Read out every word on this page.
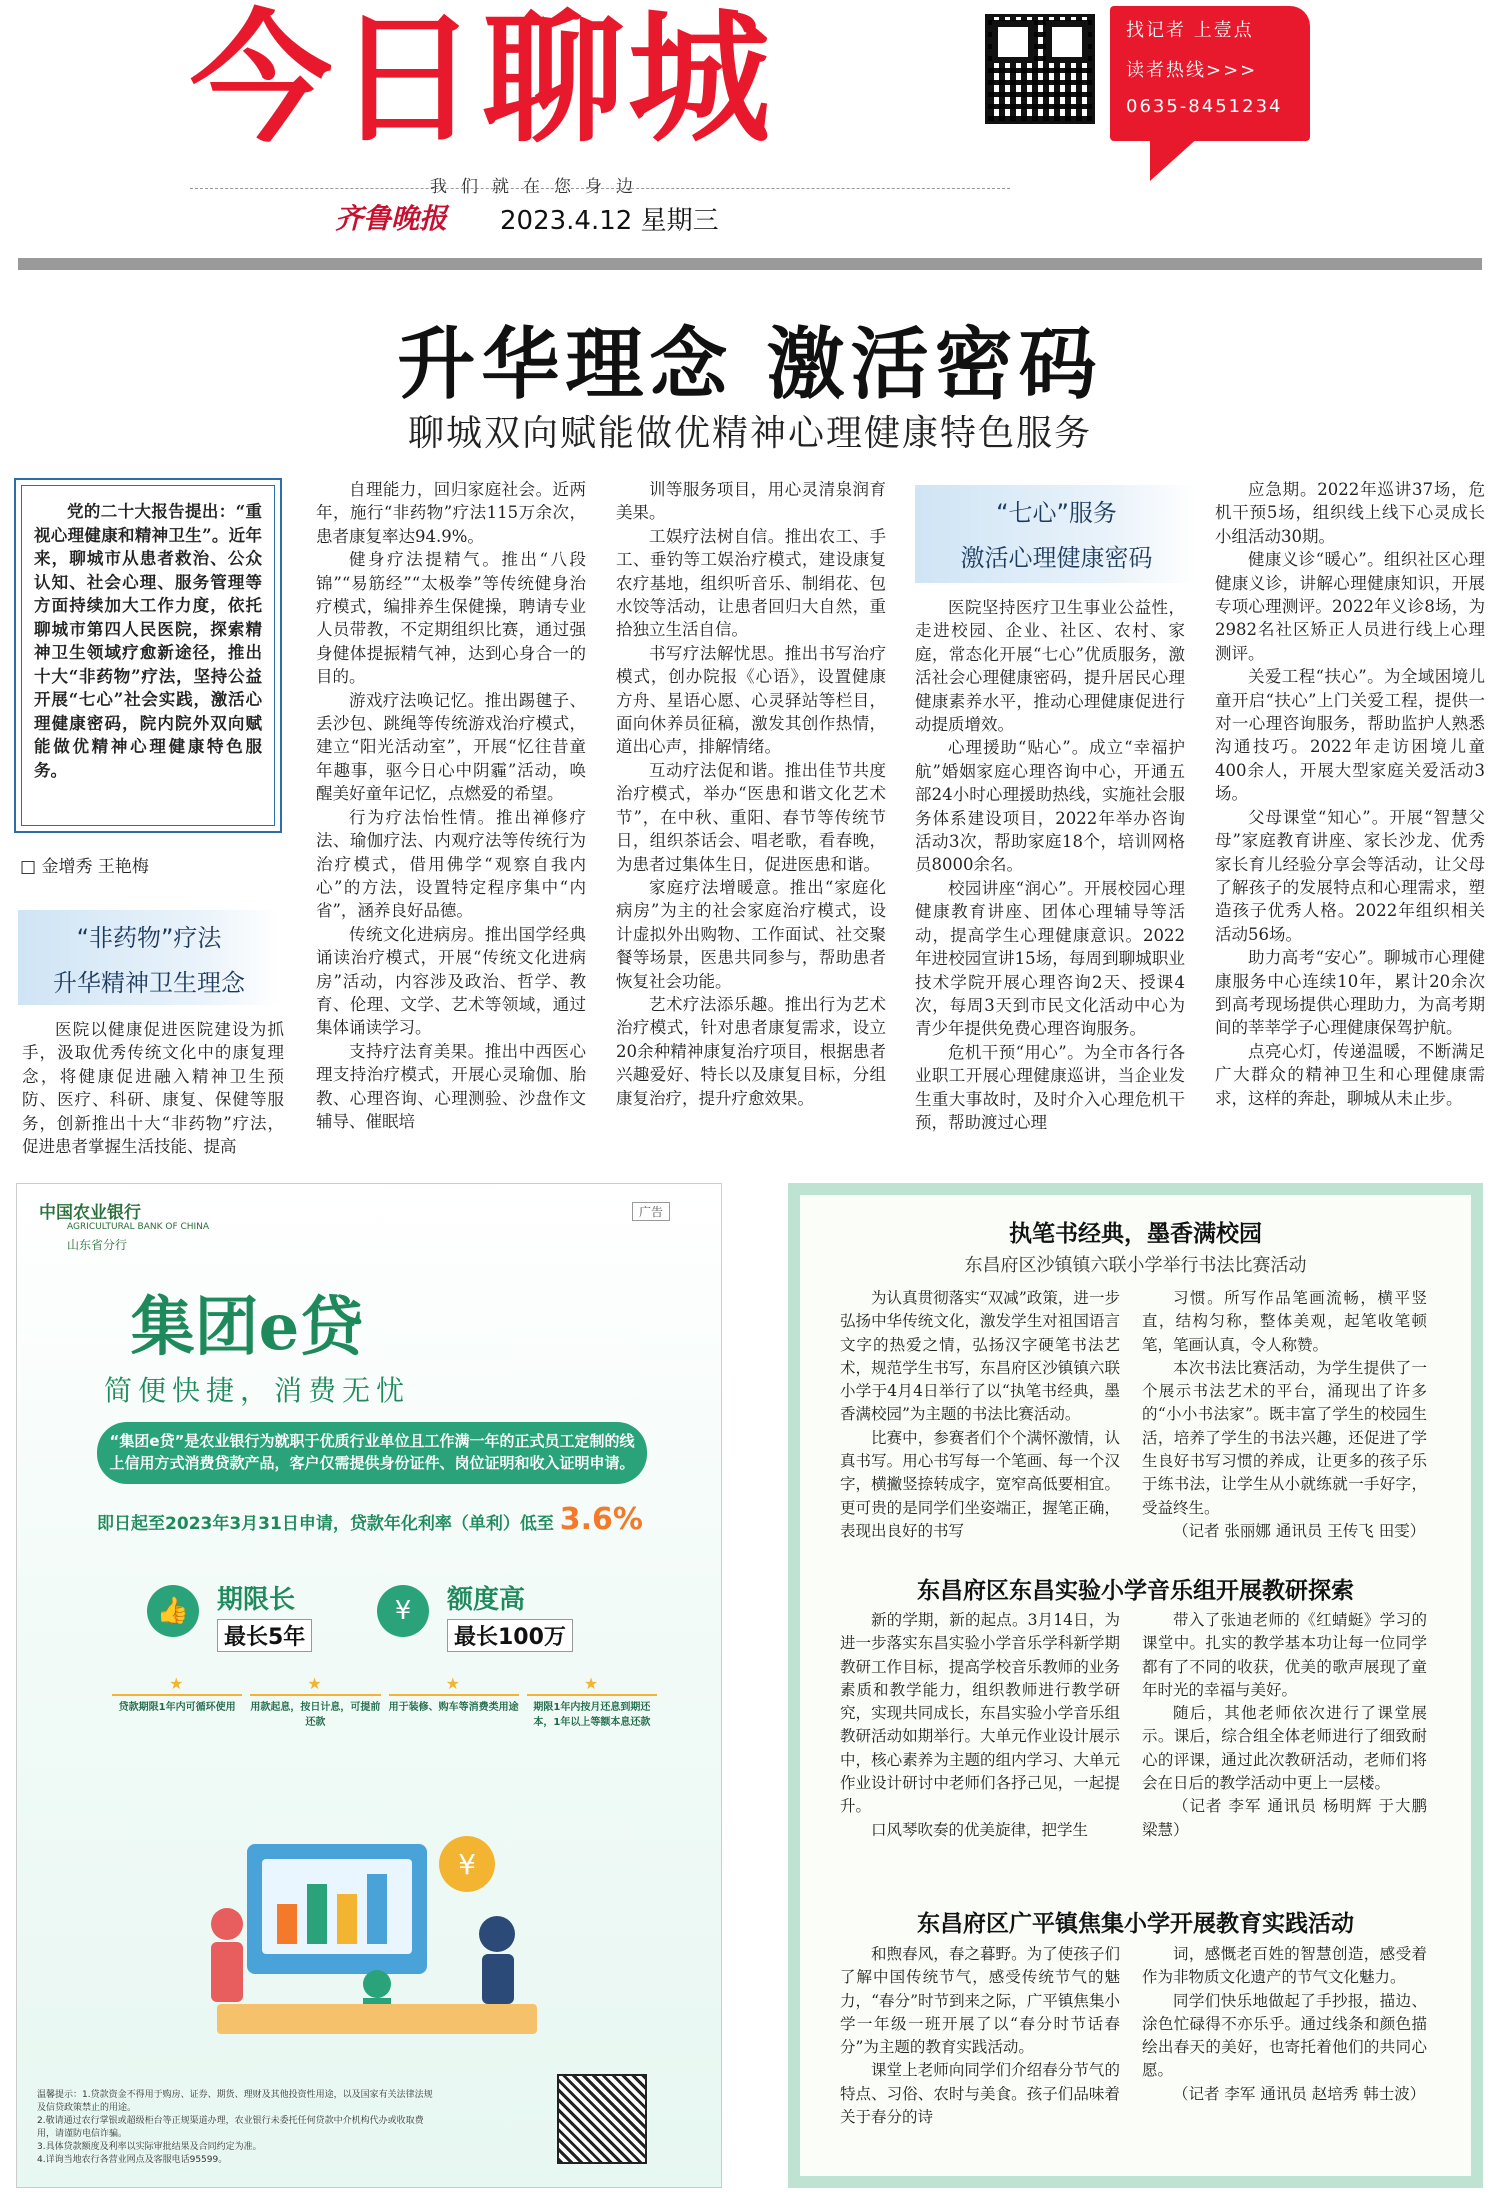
今日聊城	找记者 上壹点
读者热线>>>
0635-8451234
我们就在您身边
齐鲁晚报 2023.4.12 星期三
升华理念 激活密码
聊城双向赋能做优精神心理健康特色服务

党的二十大报告提出：“重视心理健康和精神卫生”。近年来，聊城市从患者救治、公众认知、社会心理、服务管理等方面持续加大工作力度，依托聊城市第四人民医院，探索精神卫生领域疗愈新途径，推出十大“非药物”疗法，坚持公益开展“七心”社会实践，激活心理健康密码，院内院外双向赋能做优精神心理健康特色服务。

□ 金增秀 王艳梅
“非药物”疗法
升华精神卫生理念

医院以健康促进医院建设为抓手，汲取优秀传统文化中的康复理念，将健康促进融入精神卫生预防、医疗、科研、康复、保健等服务，创新推出十大“非药物”疗法，促进患者掌握生活技能、提高

自理能力，回归家庭社会。近两年，施行“非药物”疗法115万余次，患者康复率达94.9%。

健身疗法提精气。推出“八段锦”“易筋经”“太极拳”等传统健身治疗模式，编排养生保健操，聘请专业人员带教，不定期组织比赛，通过强身健体提振精气神，达到心身合一的目的。

游戏疗法唤记忆。推出踢毽子、丢沙包、跳绳等传统游戏治疗模式，建立“阳光活动室”，开展“忆往昔童年趣事，驱今日心中阴霾”活动，唤醒美好童年记忆，点燃爱的希望。

行为疗法怡性情。推出禅修疗法、瑜伽疗法、内观疗法等传统行为治疗模式，借用佛学“观察自我内心”的方法，设置特定程序集中“内省”，涵养良好品德。

传统文化进病房。推出国学经典诵读治疗模式，开展“传统文化进病房”活动，内容涉及政治、哲学、教育、伦理、文学、艺术等领域，通过集体诵读学习。

支持疗法育美果。推出中西医心理支持治疗模式，开展心灵瑜伽、胎教、心理咨询、心理测验、沙盘作文辅导、催眠培

训等服务项目，用心灵清泉润育美果。

工娱疗法树自信。推出农工、手工、垂钓等工娱治疗模式，建设康复农疗基地，组织听音乐、制绢花、包水饺等活动，让患者回归大自然，重拾独立生活自信。

书写疗法解忧思。推出书写治疗模式，创办院报《心语》，设置健康方舟、星语心愿、心灵驿站等栏目，面向休养员征稿，激发其创作热情，道出心声，排解情绪。

互动疗法促和谐。推出佳节共度治疗模式，举办“医患和谐文化艺术节”，在中秋、重阳、春节等传统节日，组织茶话会、唱老歌，看春晚，为患者过集体生日，促进医患和谐。

家庭疗法增暖意。推出“家庭化病房”为主的社会家庭治疗模式，设计虚拟外出购物、工作面试、社交聚餐等场景，医患共同参与，帮助患者恢复社会功能。

艺术疗法添乐趣。推出行为艺术治疗模式，针对患者康复需求，设立20余种精神康复治疗项目，根据患者兴趣爱好、特长以及康复目标，分组康复治疗，提升疗愈效果。

“七心”服务
激活心理健康密码

医院坚持医疗卫生事业公益性，走进校园、企业、社区、农村、家庭，常态化开展“七心”优质服务，激活社会心理健康密码，提升居民心理健康素养水平，推动心理健康促进行动提质增效。

心理援助“贴心”。成立“幸福护航”婚姻家庭心理咨询中心，开通五部24小时心理援助热线，实施社会服务体系建设项目，2022年举办咨询活动3次，帮助家庭18个，培训网格员8000余名。

校园讲座“润心”。开展校园心理健康教育讲座、团体心理辅导等活动，提高学生心理健康意识。2022年进校园宣讲15场，每周到聊城职业技术学院开展心理咨询2天、授课4次，每周3天到市民文化活动中心为青少年提供免费心理咨询服务。

危机干预“用心”。为全市各行各业职工开展心理健康巡讲，当企业发生重大事故时，及时介入心理危机干预，帮助渡过心理

应急期。2022年巡讲37场，危机干预5场，组织线上线下心灵成长小组活动30期。

健康义诊“暖心”。组织社区心理健康义诊，讲解心理健康知识，开展专项心理测评。2022年义诊8场，为2982名社区矫正人员进行线上心理测评。

关爱工程“扶心”。为全域困境儿童开启“扶心”上门关爱工程，提供一对一心理咨询服务，帮助监护人熟悉沟通技巧。2022年走访困境儿童400余人，开展大型家庭关爱活动3场。

父母课堂“知心”。开展“智慧父母”家庭教育讲座、家长沙龙、优秀家长育儿经验分享会等活动，让父母了解孩子的发展特点和心理需求，塑造孩子优秀人格。2022年组织相关活动56场。

助力高考“安心”。聊城市心理健康服务中心连续10年，累计20余次到高考现场提供心理助力，为高考期间的莘莘学子心理健康保驾护航。

点亮心灯，传递温暖，不断满足广大群众的精神卫生和心理健康需求，这样的奔赴，聊城从未止步。

中国农业银行
AGRICULTURAL BANK OF CHINA
山东省分行
广告
集团e贷
简便快捷，消费无忧
“集团e贷”是农业银行为就职于优质行业单位且工作满一年的正式员工定制的线上信用方式消费贷款产品，客户仅需提供身份证件、岗位证明和收入证明申请。
即日起至2023年3月31日申请，贷款年化利率（单利）低至 3.6%
👍	期限长
最长5年
¥	额度高
最长100万
★ 贷款期限1年内可循环使用	★ 用款起息，按日计息，可提前还款
★ 用于装修、购车等消费类用途	★ 期限1年内按月还息到期还本，1年以上等额本息还款
¥
温馨提示：1.贷款资金不得用于购房、证券、期货、理财及其他投资性用途，以及国家有关法律法规及信贷政策禁止的用途。
2.敬请通过农行掌银或超级柜台等正规渠道办理，农业银行未委托任何贷款中介机构代办或收取费用，请谨防电信诈骗。
3.具体贷款额度及利率以实际审批结果及合同约定为准。
4.详询当地农行各营业网点及客服电话95599。
执笔书经典，墨香满校园
东昌府区沙镇镇六联小学举行书法比赛活动

为认真贯彻落实“双减”政策，进一步弘扬中华传统文化，激发学生对祖国语言文字的热爱之情，弘扬汉字硬笔书法艺术，规范学生书写，东昌府区沙镇镇六联小学于4月4日举行了以“执笔书经典，墨香满校园”为主题的书法比赛活动。

比赛中，参赛者们个个满怀激情，认真书写。用心书写每一个笔画、每一个汉字，横撇竖捺转成字，宽窄高低要相宜。更可贵的是同学们坐姿端正，握笔正确，表现出良好的书写

习惯。所写作品笔画流畅，横平竖直，结构匀称，整体美观，起笔收笔顿笔，笔画认真，令人称赞。

本次书法比赛活动，为学生提供了一个展示书法艺术的平台，涌现出了许多的“小小书法家”。既丰富了学生的校园生活，培养了学生的书法兴趣，还促进了学生良好书写习惯的养成，让更多的孩子乐于练书法，让学生从小就练就一手好字，受益终生。

（记者 张丽娜 通讯员 王传飞 田雯）

东昌府区东昌实验小学音乐组开展教研探索

新的学期，新的起点。3月14日，为进一步落实东昌实验小学音乐学科新学期教研工作目标，提高学校音乐教师的业务素质和教学能力，组织教师进行教学研究，实现共同成长，东昌实验小学音乐组教研活动如期举行。大单元作业设计展示中，核心素养为主题的组内学习、大单元作业设计研讨中老师们各抒己见，一起提升。

口风琴吹奏的优美旋律，把学生

带入了张迪老师的《红蜻蜓》学习的课堂中。扎实的教学基本功让每一位同学都有了不同的收获，优美的歌声展现了童年时光的幸福与美好。

随后，其他老师依次进行了课堂展示。课后，综合组全体老师进行了细致耐心的评课，通过此次教研活动，老师们将会在日后的教学活动中更上一层楼。

（记者 李军 通讯员 杨明辉 于大鹏 梁慧）

东昌府区广平镇焦集小学开展教育实践活动

和煦春风，春之暮野。为了使孩子们了解中国传统节气，感受传统节气的魅力，“春分”时节到来之际，广平镇焦集小学一年级一班开展了以“春分时节话春分”为主题的教育实践活动。

课堂上老师向同学们介绍春分节气的特点、习俗、农时与美食。孩子们品味着关于春分的诗

词，感慨老百姓的智慧创造，感受着作为非物质文化遗产的节气文化魅力。

同学们快乐地做起了手抄报，描边、涂色忙碌得不亦乐乎。通过线条和颜色描绘出春天的美好，也寄托着他们的共同心愿。

（记者 李军 通讯员 赵培秀 韩士波）
